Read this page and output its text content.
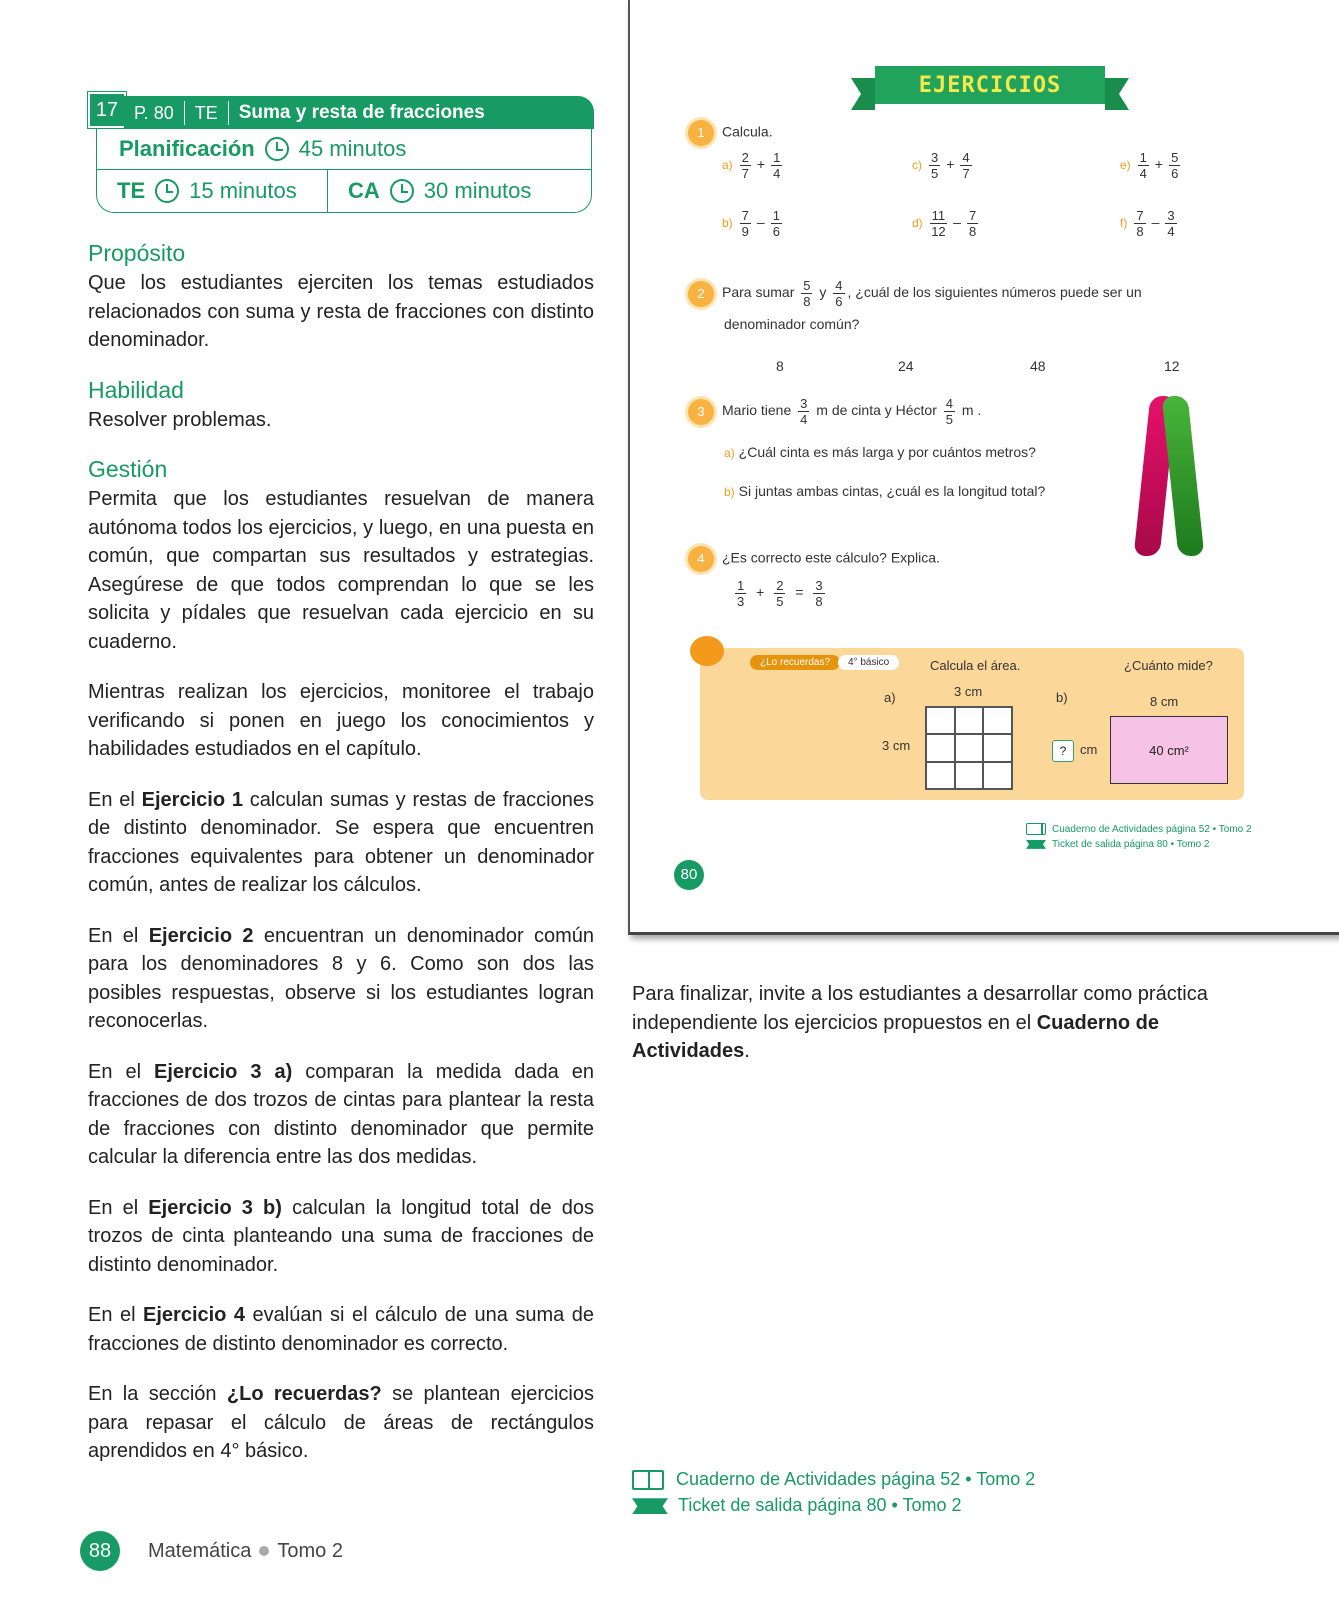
17 P. 80	TE	Suma y resta de fracciones
Planificación 45 minutos
TE 15 minutos CA 30 minutos
Propósito

Que los estudiantes ejerciten los temas estudiados relacionados con suma y resta de fracciones con distinto denominador.

Habilidad

Resolver problemas.

Gestión

Permita que los estudiantes resuelvan de manera autónoma todos los ejercicios, y luego, en una puesta en común, que compartan sus resultados y estrategias. Asegúrese de que todos comprendan lo que se les solicita y pídales que resuelvan cada ejercicio en su cuaderno.

Mientras realizan los ejercicios, monitoree el trabajo verificando si ponen en juego los conocimientos y habilidades estudiados en el capítulo.

En el Ejercicio 1 calculan sumas y restas de fracciones de distinto denominador. Se espera que encuentren fracciones equivalentes para obtener un denominador común, antes de realizar los cálculos.

En el Ejercicio 2 encuentran un denominador común para los denominadores 8 y 6. Como son dos las posibles respuestas, observe si los estudiantes logran reconocerlas.

En el Ejercicio 3 a) comparan la medida dada en fracciones de dos trozos de cintas para plantear la resta de fracciones con distinto denominador que permite calcular la diferencia entre las dos medidas.

En el Ejercicio 3 b) calculan la longitud total de dos trozos de cinta planteando una suma de fracciones de distinto denominador.

En el Ejercicio 4 evalúan si el cálculo de una suma de fracciones de distinto denominador es correcto.

En la sección ¿Lo recuerdas? se plantean ejercicios para repasar el cálculo de áreas de rectángulos aprendidos en 4° básico.

EJERCICIOS
1 Calcula.
$a) \frac{2}{7} + \frac{1}{4}$	$c) \frac{3}{5} + \frac{4}{7}$	$e) \frac{1}{4} + \frac{5}{6}$
$b) \frac{7}{9} - \frac{1}{6}$	$d) \frac{11}{12} - \frac{7}{8}$	$f) \frac{7}{8} - \frac{3}{4}$
2 Para sumar $\frac{5}{8}$ y $\frac{4}{6}$ , ¿cuál de los siguientes números puede ser un
denominador común?
8	24	48	12
3 Mario tiene $\frac{3}{4}$ m de cinta y Héctor $\frac{4}{5}$ m .
a) ¿Cuál cinta es más larga y por cuántos metros?
b) Si juntas ambas cintas, ¿cuál es la longitud total?
4 ¿Es correcto este cálculo? Explica.
$\frac{1}{3} + \frac{2}{5} = \frac{3}{8}$
¿Lo recuerdas?	4° básico	Calcula el área.	¿Cuánto mide?
a)	3 cm
3 cm
b)	8 cm
?	cm	40 cm²
Cuaderno de Actividades página 52 • Tomo 2
Ticket de salida página 80 • Tomo 2
80

Para finalizar, invite a los estudiantes a desarrollar como práctica independiente los ejercicios propuestos en el Cuaderno de Actividades.

Cuaderno de Actividades página 52 • Tomo 2
Ticket de salida página 80 • Tomo 2
88	Matemática Tomo 2
